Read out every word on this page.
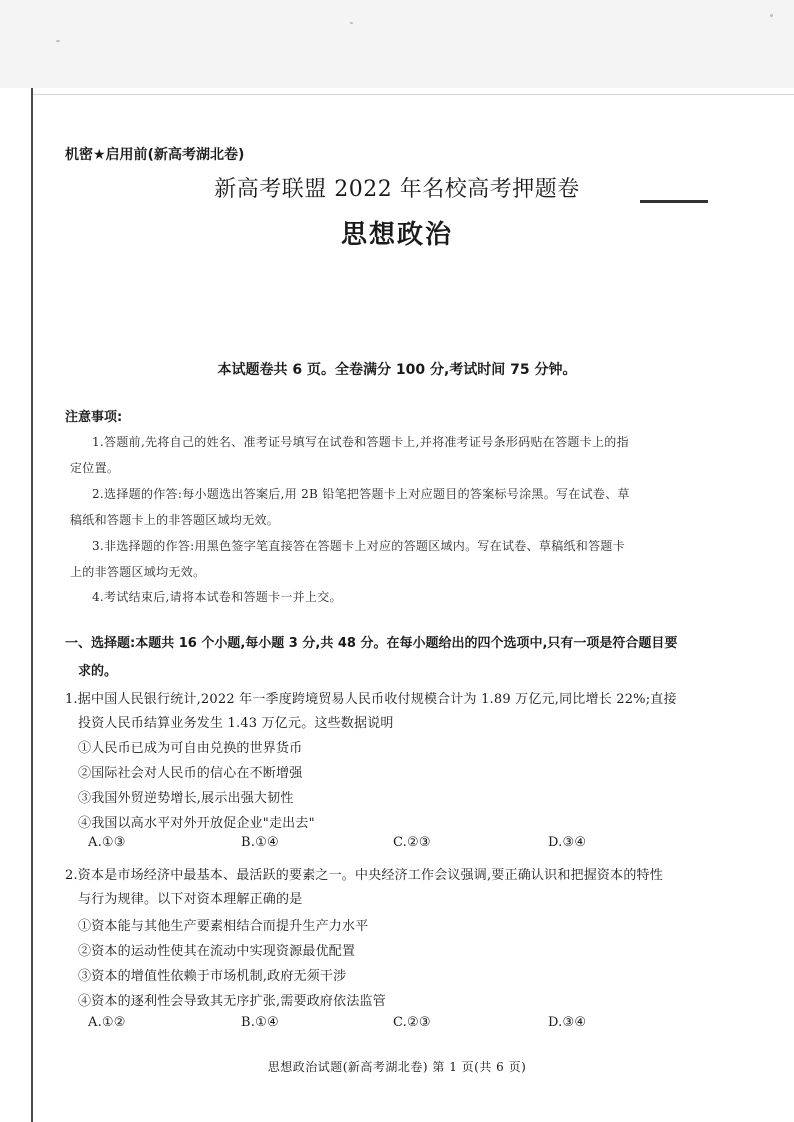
机密★启用前(新高考湖北卷)

新高考联盟 2022 年名校高考押题卷

思想政治

本试题卷共 6 页。全卷满分 100 分,考试时间 75 分钟。

注意事项:

1.答题前,先将自己的姓名、准考证号填写在试卷和答题卡上,并将准考证号条形码贴在答题卡上的指

定位置。

2.选择题的作答:每小题选出答案后,用 2B 铅笔把答题卡上对应题目的答案标号涂黑。写在试卷、草

稿纸和答题卡上的非答题区域均无效。

3.非选择题的作答:用黑色签字笔直接答在答题卡上对应的答题区域内。写在试卷、草稿纸和答题卡

上的非答题区域均无效。

4.考试结束后,请将本试卷和答题卡一并上交。

一、选择题:本题共 16 个小题,每小题 3 分,共 48 分。在每小题给出的四个选项中,只有一项是符合题目要

求的。

1.据中国人民银行统计,2022 年一季度跨境贸易人民币收付规模合计为 1.89 万亿元,同比增长 22%;直接

投资人民币结算业务发生 1.43 万亿元。这些数据说明

①人民币已成为可自由兑换的世界货币

②国际社会对人民币的信心在不断增强

③我国外贸逆势增长,展示出强大韧性

④我国以高水平对外开放促企业"走出去"

A.①③	B.①④	C.②③	D.③④

2.资本是市场经济中最基本、最活跃的要素之一。中央经济工作会议强调,要正确认识和把握资本的特性

与行为规律。以下对资本理解正确的是

①资本能与其他生产要素相结合而提升生产力水平

②资本的运动性使其在流动中实现资源最优配置

③资本的增值性依赖于市场机制,政府无须干涉

④资本的逐利性会导致其无序扩张,需要政府依法监管

A.①②	B.①④	C.②③	D.③④

思想政治试题(新高考湖北卷) 第 1 页(共 6 页)
